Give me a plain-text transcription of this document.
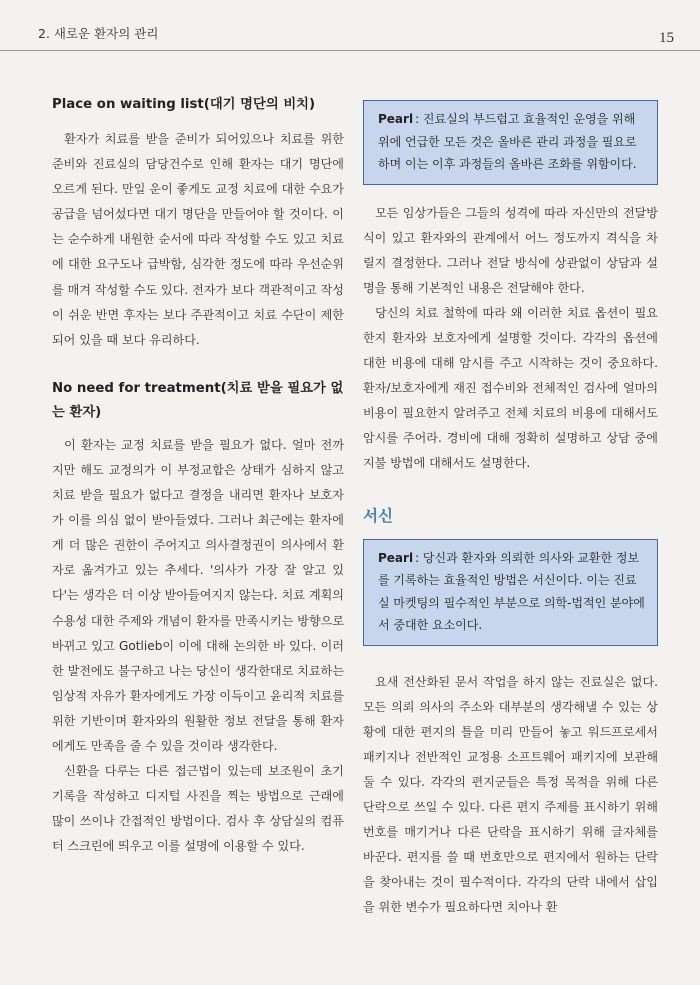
2. 새로운 환자의 관리	15
Place on waiting list(대기 명단의 비치)

환자가 치료를 받을 준비가 되어있으나 치료를 위한 준비와 진료실의 담당건수로 인해 환자는 대기 명단에 오르게 된다. 만일 운이 좋게도 교정 치료에 대한 수요가 공급을 넘어섰다면 대기 명단을 만들어야 할 것이다. 이는 순수하게 내원한 순서에 따라 작성할 수도 있고 치료에 대한 요구도나 급박함, 심각한 정도에 따라 우선순위를 매겨 작성할 수도 있다. 전자가 보다 객관적이고 작성이 쉬운 반면 후자는 보다 주관적이고 치료 수단이 제한되어 있을 때 보다 유리하다.

No need for treatment(치료 받을 필요가 없는 환자)

이 환자는 교정 치료를 받을 필요가 없다. 얼마 전까지만 해도 교정의가 이 부정교합은 상태가 심하지 않고 치료 받을 필요가 없다고 결정을 내리면 환자나 보호자가 이를 의심 없이 받아들였다. 그러나 최근에는 환자에게 더 많은 권한이 주어지고 의사결정권이 의사에서 환자로 옮겨가고 있는 추세다. '의사가 가장 잘 알고 있다'는 생각은 더 이상 받아들여지지 않는다. 치료 계획의 수용성 대한 주제와 개념이 환자를 만족시키는 방향으로 바뀌고 있고 Gotlieb이 이에 대해 논의한 바 있다. 이러한 발전에도 불구하고 나는 당신이 생각한대로 치료하는 임상적 자유가 환자에게도 가장 이득이고 윤리적 치료를 위한 기반이며 환자와의 원활한 정보 전달을 통해 환자에게도 만족을 줄 수 있을 것이라 생각한다.

신환을 다루는 다른 접근법이 있는데 보조원이 초기 기록을 작성하고 디지털 사진을 찍는 방법으로 근래에 많이 쓰이나 간접적인 방법이다. 검사 후 상담실의 컴퓨터 스크린에 띄우고 이를 설명에 이용할 수 있다.

Pearl : 진료실의 부드럽고 효율적인 운영을 위해 위에 언급한 모든 것은 올바른 관리 과정을 필요로하며 이는 이후 과정들의 올바른 조화를 위함이다.

모든 임상가들은 그들의 성격에 따라 자신만의 전달방식이 있고 환자와의 관계에서 어느 정도까지 격식을 차릴지 결정한다. 그러나 전달 방식에 상관없이 상담과 설명을 통해 기본적인 내용은 전달해야 한다.

당신의 치료 철학에 따라 왜 이러한 치료 옵션이 필요한지 환자와 보호자에게 설명할 것이다. 각각의 옵션에 대한 비용에 대해 암시를 주고 시작하는 것이 중요하다. 환자/보호자에게 재진 접수비와 전체적인 검사에 얼마의 비용이 필요한지 알려주고 전체 치료의 비용에 대해서도 암시를 주어라. 경비에 대해 정확히 설명하고 상담 중에 지불 방법에 대해서도 설명한다.

서신
Pearl : 당신과 환자와 의뢰한 의사와 교환한 정보를 기록하는 효율적인 방법은 서신이다. 이는 진료실 마켓팅의 필수적인 부분으로 의학-법적인 분야에서 중대한 요소이다.

요새 전산화된 문서 작업을 하지 않는 진료실은 없다. 모든 의뢰 의사의 주소와 대부분의 생각해낼 수 있는 상황에 대한 편지의 틀을 미리 만들어 놓고 워드프로세서 패키지나 전반적인 교정용 소프트웨어 패키지에 보관해 둘 수 있다. 각각의 편지군들은 특정 목적을 위해 다른 단락으로 쓰일 수 있다. 다른 편지 주제를 표시하기 위해 번호를 매기거나 다른 단락을 표시하기 위해 글자체를 바꾼다. 편지를 쓸 때 번호만으로 편지에서 원하는 단락을 찾아내는 것이 필수적이다. 각각의 단락 내에서 삽입을 위한 변수가 필요하다면 치아나 환
